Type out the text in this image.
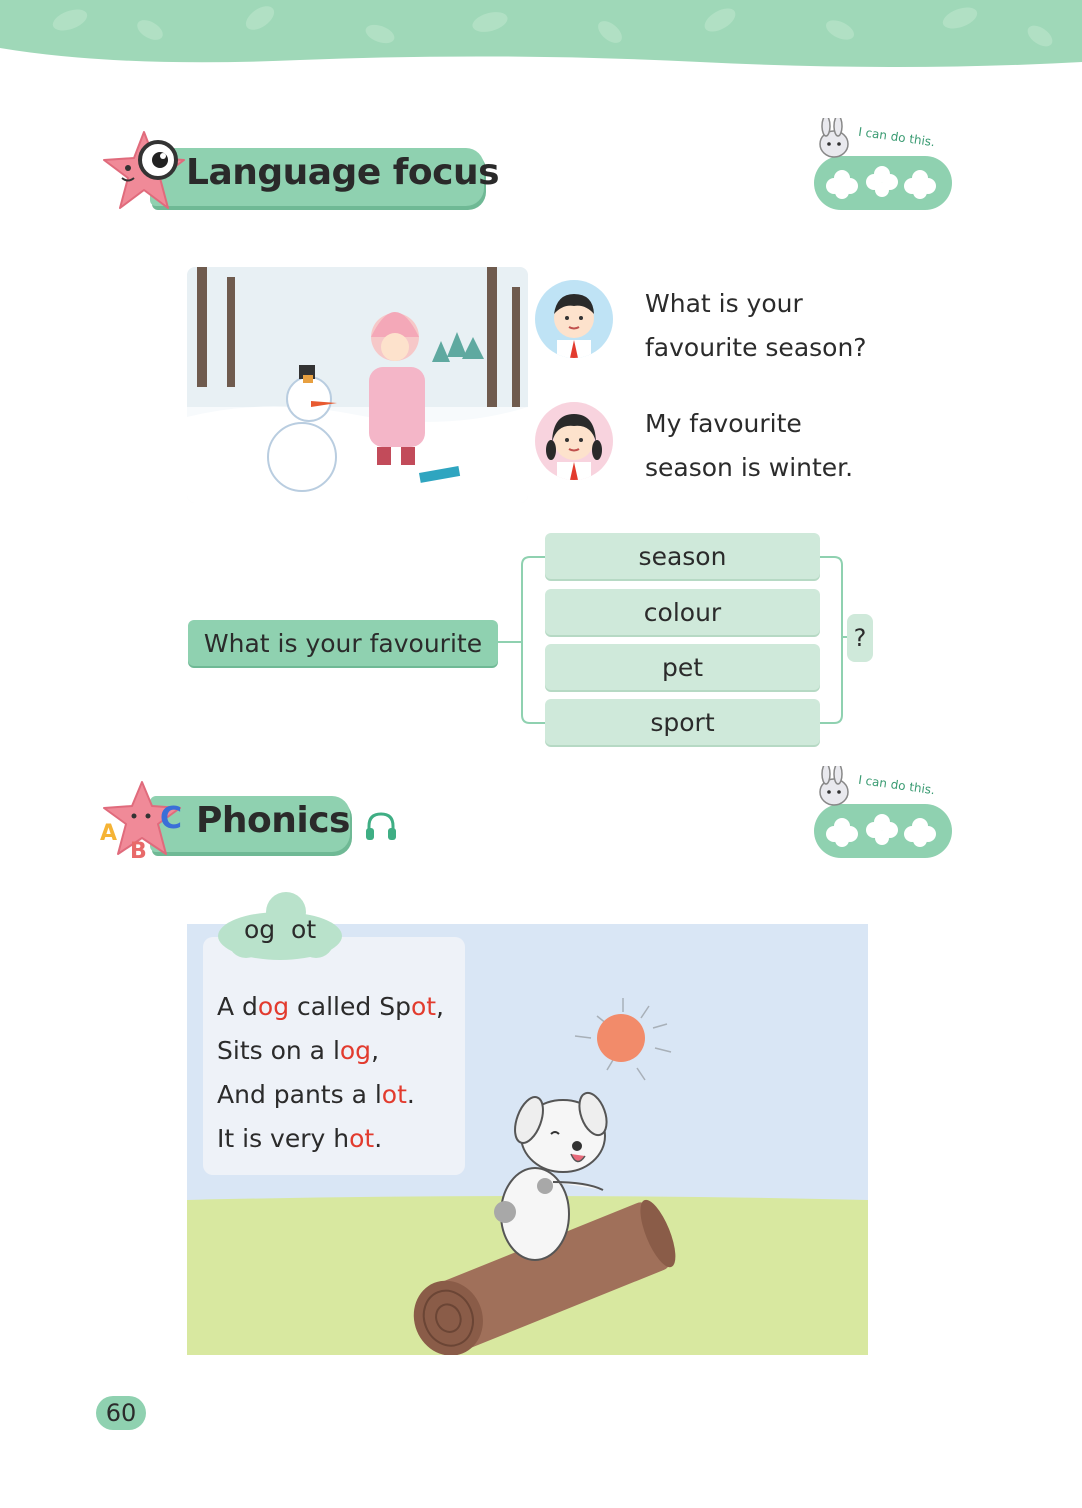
Language focus
I can do this.
What is your
favourite season?
My favourite
season is winter.
What is your favourite
season
colour
pet
sport
?
A
B
C Phonics
I can do this.
A dog called Spot,
Sits on a log,
And pants a lot.
It is very hot.
og  ot
60
